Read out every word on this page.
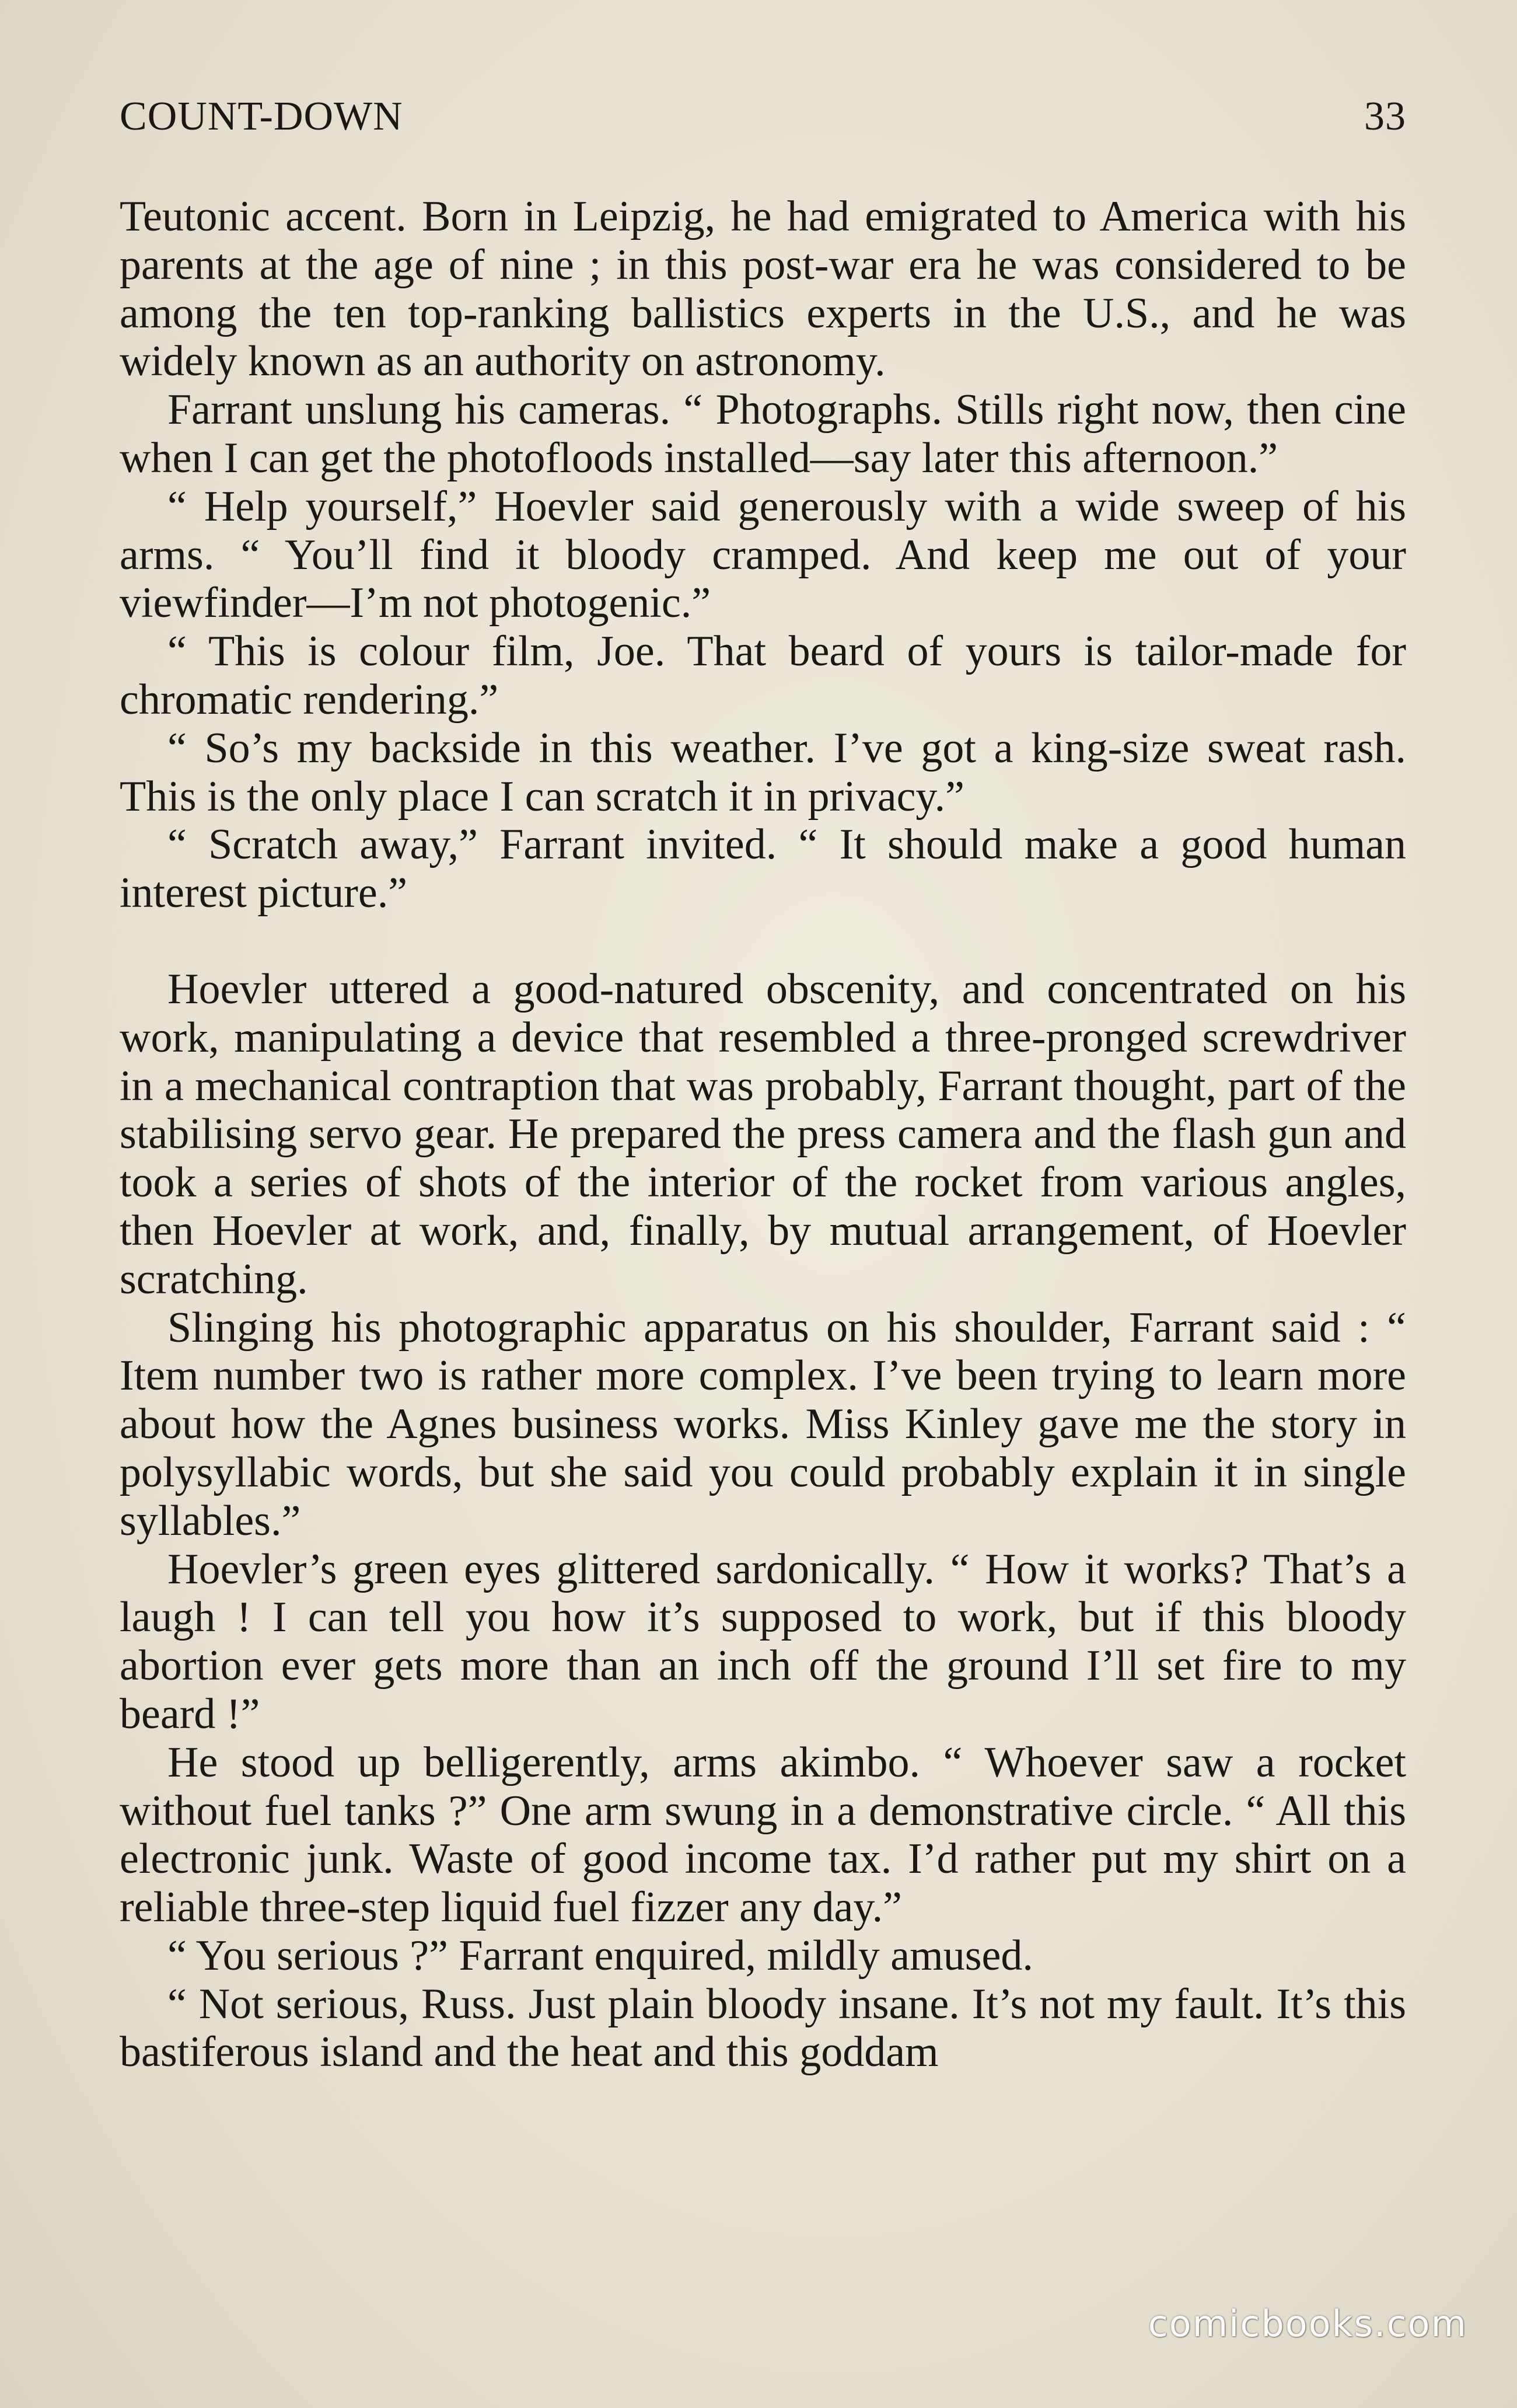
COUNT-DOWN	33

Teutonic accent. Born in Leipzig, he had emigrated to America with his parents at the age of nine ; in this post-war era he was considered to be among the ten top-ranking ballistics experts in the U.S., and he was widely known as an authority on astronomy.

Farrant unslung his cameras. “ Photographs. Stills right now, then cine when I can get the photofloods installed—say later this afternoon.”

“ Help yourself,” Hoevler said generously with a wide sweep of his arms. “ You’ll find it bloody cramped. And keep me out of your viewfinder—I’m not photogenic.”

“ This is colour film, Joe. That beard of yours is tailor-made for chromatic rendering.”

“ So’s my backside in this weather. I’ve got a king-size sweat rash. This is the only place I can scratch it in privacy.”

“ Scratch away,” Farrant invited. “ It should make a good human interest picture.”

Hoevler uttered a good-natured obscenity, and concentrated on his work, manipulating a device that resembled a three-pronged screwdriver in a mechanical contraption that was probably, Farrant thought, part of the stabilising servo gear. He prepared the press camera and the flash gun and took a series of shots of the interior of the rocket from various angles, then Hoevler at work, and, finally, by mutual arrangement, of Hoevler scratching.

Slinging his photographic apparatus on his shoulder, Farrant said : “ Item number two is rather more complex. I’ve been trying to learn more about how the Agnes business works. Miss Kinley gave me the story in polysyllabic words, but she said you could probably explain it in single syllables.”

Hoevler’s green eyes glittered sardonically. “ How it works? That’s a laugh ! I can tell you how it’s supposed to work, but if this bloody abortion ever gets more than an inch off the ground I’ll set fire to my beard !”

He stood up belligerently, arms akimbo. “ Whoever saw a rocket without fuel tanks ?” One arm swung in a demonstrative circle. “ All this electronic junk. Waste of good income tax. I’d rather put my shirt on a reliable three-step liquid fuel fizzer any day.”

“ You serious ?” Farrant enquired, mildly amused.

“ Not serious, Russ. Just plain bloody insane. It’s not my fault. It’s this bastiferous island and the heat and this goddam

comicbooks.com
